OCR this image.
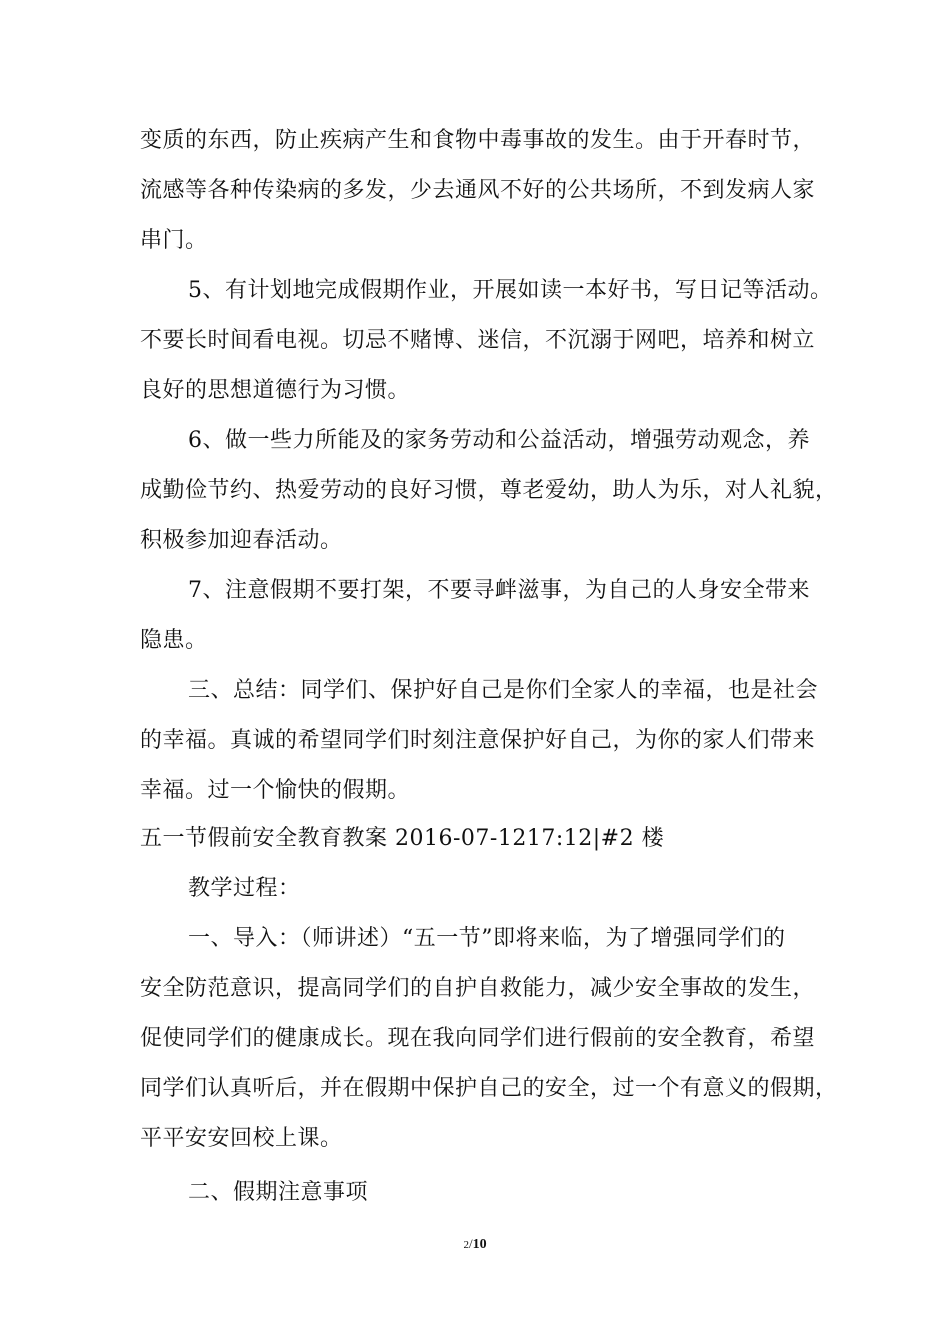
变质的东西，防止疾病产生和食物中毒事故的发生。由于开春时节，
流感等各种传染病的多发，少去通风不好的公共场所，不到发病人家
串门。
5、有计划地完成假期作业，开展如读一本好书，写日记等活动。
不要长时间看电视。切忌不赌博、迷信，不沉溺于网吧，培养和树立
良好的思想道德行为习惯。
6、做一些力所能及的家务劳动和公益活动，增强劳动观念，养
成勤俭节约、热爱劳动的良好习惯，尊老爱幼，助人为乐，对人礼貌，
积极参加迎春活动。
7、注意假期不要打架，不要寻衅滋事，为自己的人身安全带来
隐患。
三、总结：同学们、保护好自己是你们全家人的幸福，也是社会
的幸福。真诚的希望同学们时刻注意保护好自己，为你的家人们带来
幸福。过一个愉快的假期。
五一节假前安全教育教案 2016-07-1217:12|#2 楼
教学过程：
一、导入：（师讲述）“五一节”即将来临，为了增强同学们的
安全防范意识，提高同学们的自护自救能力，减少安全事故的发生，
促使同学们的健康成长。现在我向同学们进行假前的安全教育，希望
同学们认真听后，并在假期中保护自己的安全，过一个有意义的假期，
平平安安回校上课。
二、假期注意事项
2/10
